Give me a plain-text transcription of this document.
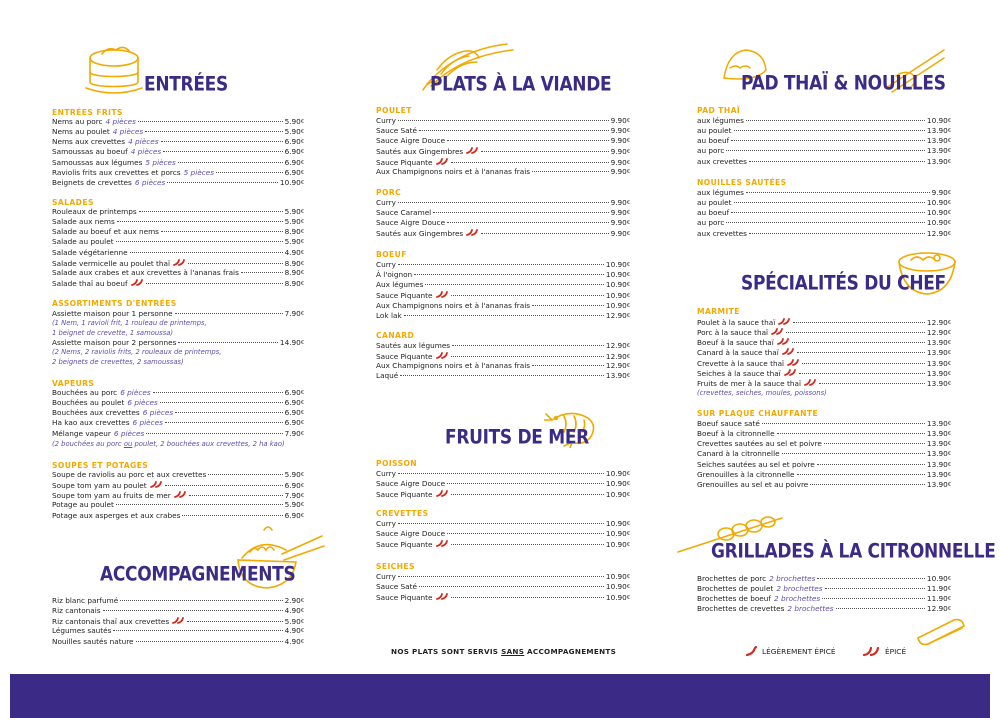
ENTRÉES
ENTRÉES FRITS
Nems au porc 4 pièces	5.90€
Nems au poulet 4 pièces	5.90€
Nems aux crevettes 4 pièces	6.90€
Samoussas au boeuf 4 pièces	6.90€
Samoussas aux légumes 5 pièces	6.90€
Raviolis frits aux crevettes et porcs 5 pièces	6.90€
Beignets de crevettes 6 pièces	10.90€
SALADES
Rouleaux de printemps	5.90€
Salade aux nems	5.90€
Salade au boeuf et aux nems	8.90€
Salade au poulet	5.90€
Salade végétarienne	4.90€
Salade vermicelle au poulet thaï	8.90€
Salade aux crabes et aux crevettes à l'ananas frais	8.90€
Salade thaï au boeuf	8.90€
ASSORTIMENTS D'ENTRÉES
Assiette maison pour 1 personne	7.90€
(1 Nem, 1 ravioli frit, 1 rouleau de printemps,
1 beignet de crevette, 1 samoussa)
Assiette maison pour 2 personnes	14.90€
(2 Nems, 2 raviolis frits, 2 rouleaux de printemps,
2 beignets de crevettes, 2 samoussas)
VAPEURS
Bouchées au porc 6 pièces	6.90€
Bouchées au poulet 6 pièces	6.90€
Bouchées aux crevettes 6 pièces	6.90€
Ha kao aux crevettes 6 pièces	6.90€
Mélange vapeur 6 pièces	7.90€
(2 bouchées au porc ou poulet, 2 bouchées aux crevettes, 2 ha kao)
SOUPES ET POTAGES
Soupe de raviolis au porc et aux crevettes	5.90€
Soupe tom yam au poulet	6.90€
Soupe tom yam au fruits de mer	7.90€
Potage au poulet	5.90€
Potage aux asperges et aux crabes	6.90€
ACCOMPAGNEMENTS
Riz blanc parfumé	2.90€
Riz cantonais	4.90€
Riz cantonais thaï aux crevettes	5.90€
Légumes sautés	4.90€
Nouilles sautés nature	4.90€
PLATS À LA VIANDE
POULET
Curry	9.90€
Sauce Saté	9.90€
Sauce Aigre Douce	9.90€
Sautés aux Gingembres	9.90€
Sauce Piquante	9.90€
Aux Champignons noirs et à l'ananas frais	9.90€
PORC
Curry	9.90€
Sauce Caramel	9.90€
Sauce Aigre Douce	9.90€
Sautés aux Gingembres	9.90€
BOEUF
Curry	10.90€
À l'oignon	10.90€
Aux légumes	10.90€
Sauce Piquante	10.90€
Aux Champignons noirs et à l'ananas frais	10.90€
Lok lak	12.90€
CANARD
Sautés aux légumes	12.90€
Sauce Piquante	12.90€
Aux Champignons noirs et à l'ananas frais	12.90€
Laqué	13.90€
FRUITS DE MER
POISSON
Curry	10.90€
Sauce Aigre Douce	10.90€
Sauce Piquante	10.90€
CREVETTES
Curry	10.90€
Sauce Aigre Douce	10.90€
Sauce Piquante	10.90€
SEICHES
Curry	10.90€
Sauce Saté	10.90€
Sauce Piquante	10.90€
NOS PLATS SONT SERVIS SANS ACCOMPAGNEMENTS
PAD THAÏ & NOUILLES
PAD THAÏ
aux légumes	10.90€
au poulet	13.90€
au boeuf	13.90€
au porc	13.90€
aux crevettes	13.90€
NOUILLES SAUTÉES
aux légumes	9.90€
au poulet	10.90€
au boeuf	10.90€
au porc	10.90€
aux crevettes	12.90€
SPÉCIALITÉS DU CHEF
MARMITE
Poulet à la sauce thaï	12.90€
Porc à la sauce thaï	12.90€
Boeuf à la sauce thaï	13.90€
Canard à la sauce thaï	13.90€
Crevette à la sauce thaï	13.90€
Seiches à la sauce thaï	13.90€
Fruits de mer à la sauce thaï	13.90€
(crevettes, seiches, moules, poissons)
SUR PLAQUE CHAUFFANTE
Boeuf sauce saté	13.90€
Boeuf à la citronnelle	13.90€
Crevettes sautées au sel et poivre	13.90€
Canard à la citronnelle	13.90€
Seiches sautées au sel et poivre	13.90€
Grenouilles à la citronnelle	13.90€
Grenouilles au sel et au poivre	13.90€
GRILLADES À LA CITRONNELLE
Brochettes de porc 2 brochettes	10.90€
Brochettes de poulet 2 brochettes	11.90€
Brochettes de boeuf 2 brochettes	11.90€
Brochettes de crevettes 2 brochettes	12.90€
LÉGÈREMENT ÉPICÉ	ÉPICÉ
